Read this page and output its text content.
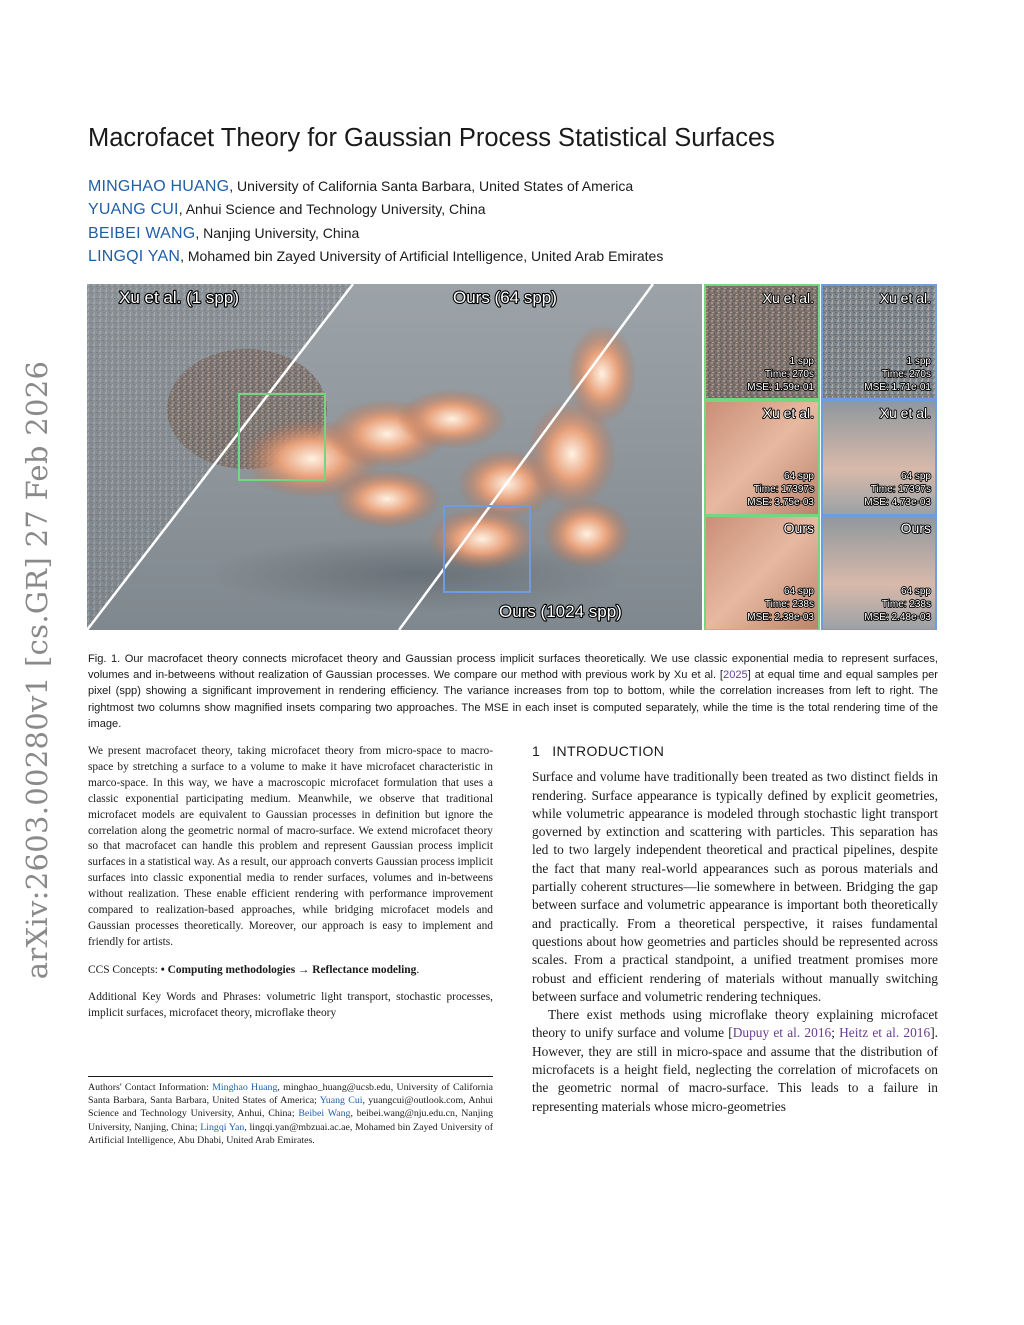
arXiv:2603.00280v1 [cs.GR] 27 Feb 2026
Macrofacet Theory for Gaussian Process Statistical Surfaces
MINGHAO HUANG, University of California Santa Barbara, United States of America
YUANG CUI, Anhui Science and Technology University, China
BEIBEI WANG, Nanjing University, China
LINGQI YAN, Mohamed bin Zayed University of Artificial Intelligence, United Arab Emirates
Xu et al. (1 spp)	Ours (64 spp)
Ours (1024 spp)
Xu et al.
1 spp
Time: 270s
MSE: 1.59e-01
Xu et al.
1 spp
Time: 270s
MSE: 1.71e-01
Xu et al.
64 spp
Time: 17397s
MSE: 3.75e-03
Xu et al.
64 spp
Time: 17397s
MSE: 4.73e-03
Ours
64 spp
Time: 238s
MSE: 2.38e-03
Ours
64 spp
Time: 238s
MSE: 2.48e-03

Fig. 1. Our macrofacet theory connects microfacet theory and Gaussian process implicit surfaces theoretically. We use classic exponential media to represent surfaces, volumes and in-betweens without realization of Gaussian processes. We compare our method with previous work by Xu et al. [2025] at equal time and equal samples per pixel (spp) showing a significant improvement in rendering efficiency. The variance increases from top to bottom, while the correlation increases from left to right. The rightmost two columns show magnified insets comparing two approaches. The MSE in each inset is computed separately, while the time is the total rendering time of the image.

We present macrofacet theory, taking microfacet theory from micro-space to macro-space by stretching a surface to a volume to make it have microfacet characteristic in marco-space. In this way, we have a macroscopic microfacet formulation that uses a classic exponential participating medium. Meanwhile, we observe that traditional microfacet models are equivalent to Gaussian processes in definition but ignore the correlation along the geometric normal of macro-surface. We extend microfacet theory so that macrofacet can handle this problem and represent Gaussian process implicit surfaces in a statistical way. As a result, our approach converts Gaussian process implicit surfaces into classic exponential media to render surfaces, volumes and in-betweens without realization. These enable efficient rendering with performance improvement compared to realization-based approaches, while bridging microfacet models and Gaussian processes theoretically. Moreover, our approach is easy to implement and friendly for artists.

CCS Concepts: • Computing methodologies → Reflectance modeling.

Additional Key Words and Phrases: volumetric light transport, stochastic processes, implicit surfaces, microfacet theory, microflake theory

Authors' Contact Information: Minghao Huang, minghao_huang@ucsb.edu, University of California Santa Barbara, Santa Barbara, United States of America; Yuang Cui, yuangcui@outlook.com, Anhui Science and Technology University, Anhui, China; Beibei Wang, beibei.wang@nju.edu.cn, Nanjing University, Nanjing, China; Lingqi Yan, lingqi.yan@mbzuai.ac.ae, Mohamed bin Zayed University of Artificial Intelligence, Abu Dhabi, United Arab Emirates.
1 INTRODUCTION

Surface and volume have traditionally been treated as two distinct fields in rendering. Surface appearance is typically defined by explicit geometries, while volumetric appearance is modeled through stochastic light transport governed by extinction and scattering with particles. This separation has led to two largely independent theoretical and practical pipelines, despite the fact that many real-world appearances such as porous materials and partially coherent structures—lie somewhere in between. Bridging the gap between surface and volumetric appearance is important both theoretically and practically. From a theoretical perspective, it raises fundamental questions about how geometries and particles should be represented across scales. From a practical standpoint, a unified treatment promises more robust and efficient rendering of materials without manually switching between surface and volumetric rendering techniques.

There exist methods using microflake theory explaining microfacet theory to unify surface and volume [Dupuy et al. 2016; Heitz et al. 2016]. However, they are still in micro-space and assume that the distribution of microfacets is a height field, neglecting the correlation of microfacets on the geometric normal of macro-surface. This leads to a failure in representing materials whose micro-geometries
